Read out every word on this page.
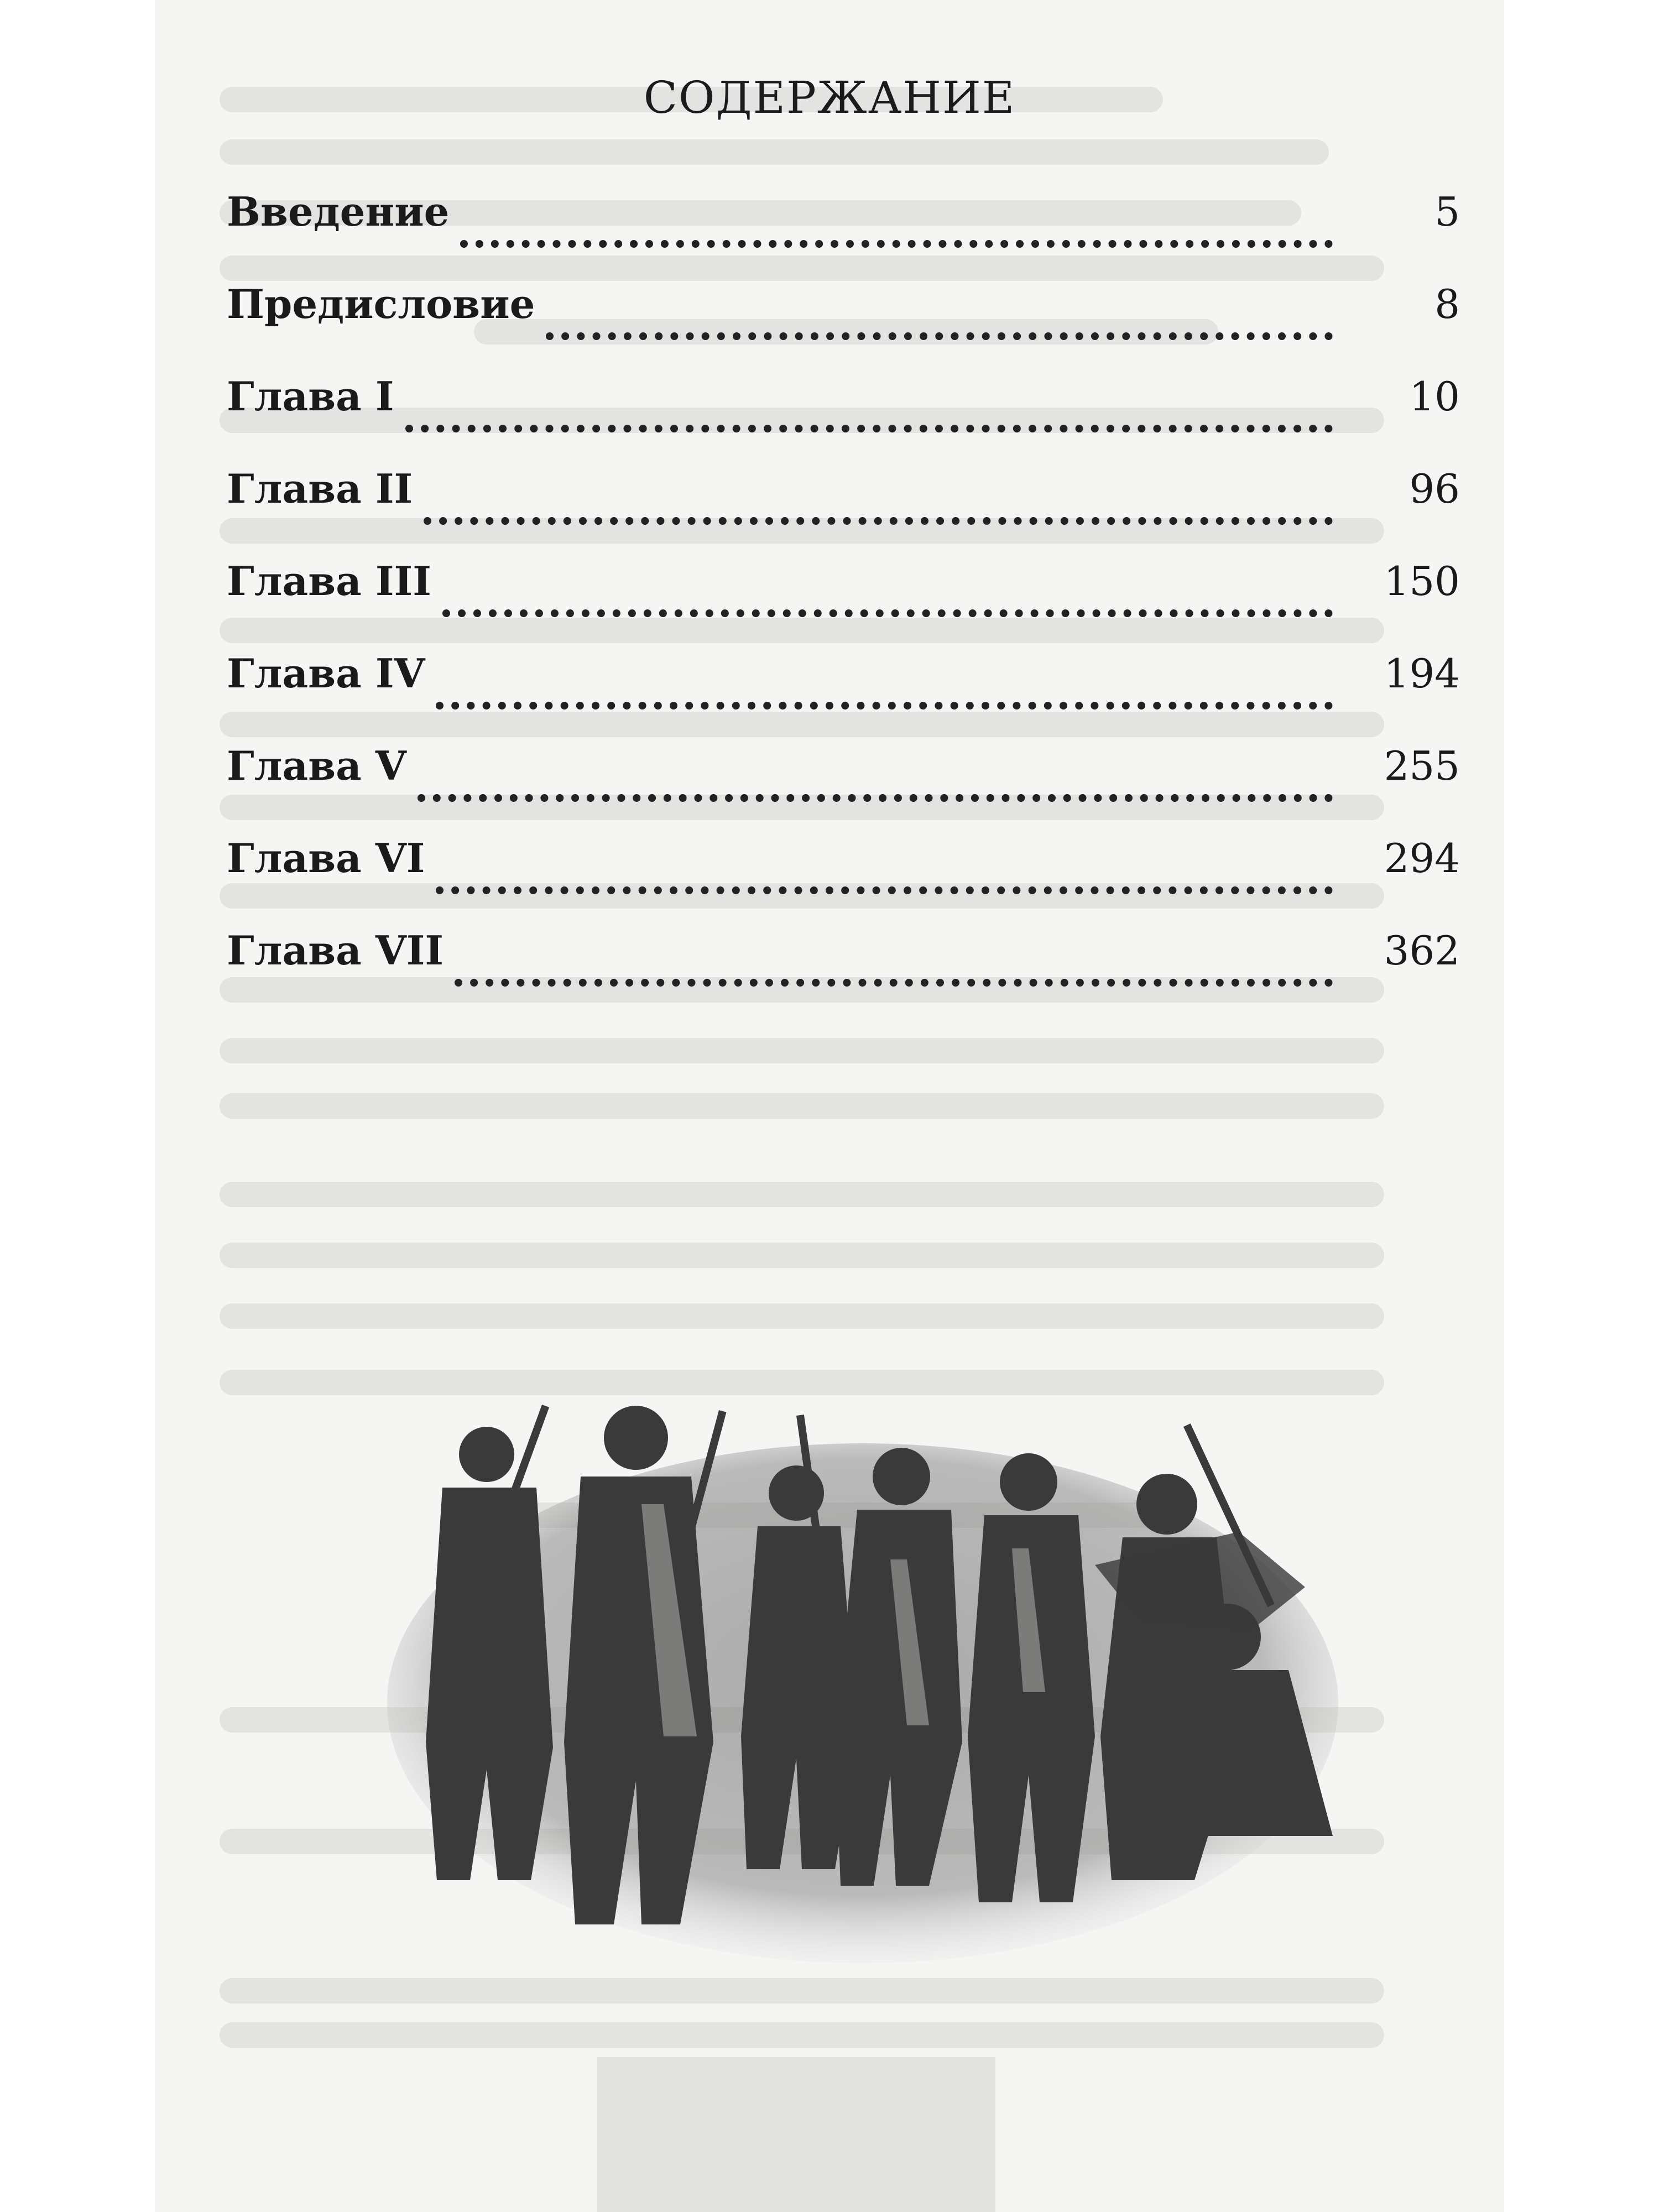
СОДЕРЖАНИЕ
Введение	5
Предисловие	8
Глава I	10
Глава II	96
Глава III	150
Глава IV	194
Глава V	255
Глава VI	294
Глава VII	362
